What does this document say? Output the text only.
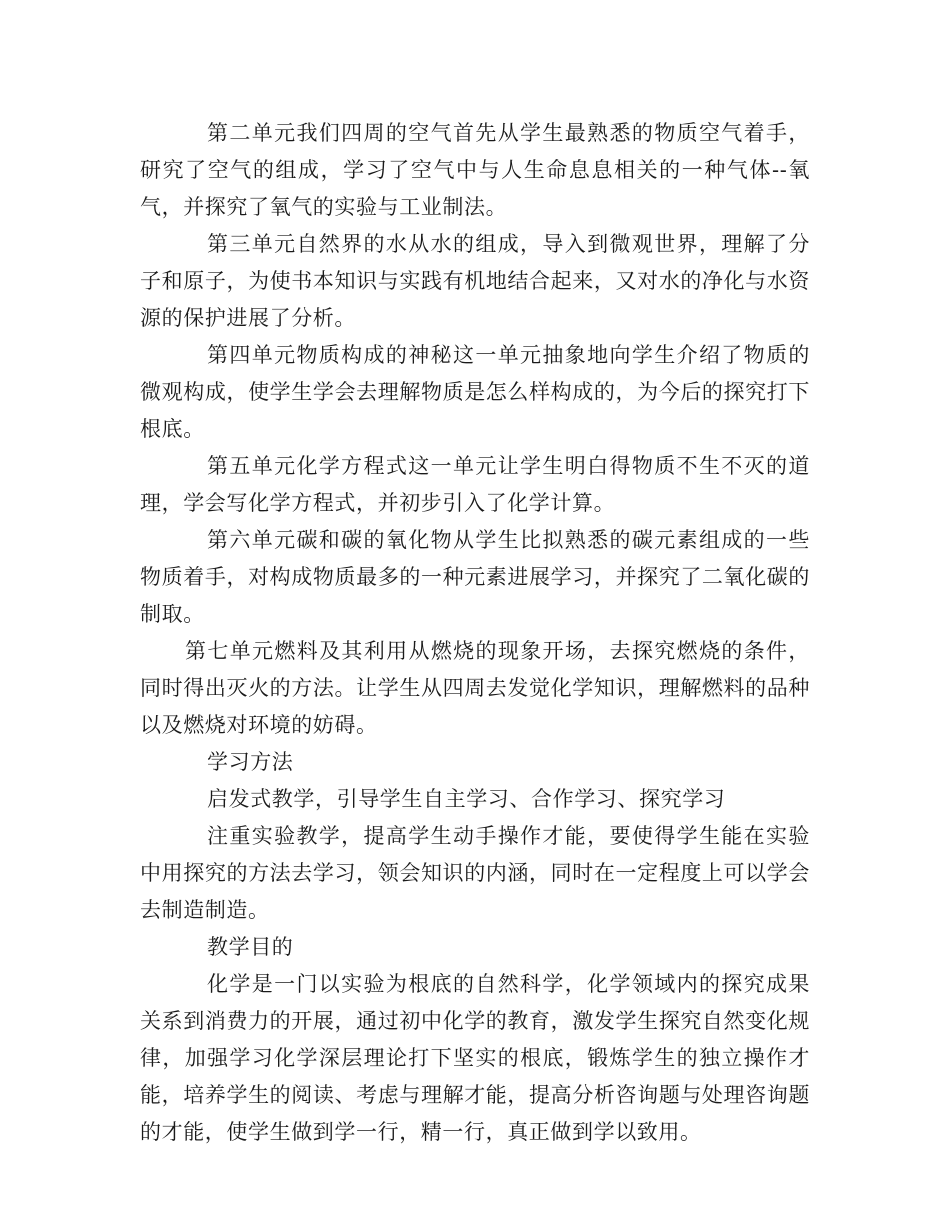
第二单元我们四周的空气首先从学生最熟悉的物质空气着手，研究了空气的组成，学习了空气中与人生命息息相关的一种气体--氧气，并探究了氧气的实验与工业制法。

第三单元自然界的水从水的组成，导入到微观世界，理解了分子和原子，为使书本知识与实践有机地结合起来，又对水的净化与水资源的保护进展了分析。

第四单元物质构成的神秘这一单元抽象地向学生介绍了物质的微观构成，使学生学会去理解物质是怎么样构成的，为今后的探究打下根底。

第五单元化学方程式这一单元让学生明白得物质不生不灭的道理，学会写化学方程式，并初步引入了化学计算。

第六单元碳和碳的氧化物从学生比拟熟悉的碳元素组成的一些物质着手，对构成物质最多的一种元素进展学习，并探究了二氧化碳的制取。

第七单元燃料及其利用从燃烧的现象开场，去探究燃烧的条件，同时得出灭火的方法。让学生从四周去发觉化学知识，理解燃料的品种以及燃烧对环境的妨碍。

学习方法

启发式教学，引导学生自主学习、合作学习、探究学习

注重实验教学，提高学生动手操作才能，要使得学生能在实验中用探究的方法去学习，领会知识的内涵，同时在一定程度上可以学会去制造制造。

教学目的

化学是一门以实验为根底的自然科学，化学领域内的探究成果关系到消费力的开展，通过初中化学的教育，激发学生探究自然变化规律，加强学习化学深层理论打下坚实的根底，锻炼学生的独立操作才能，培养学生的阅读、考虑与理解才能，提高分析咨询题与处理咨询题的才能，使学生做到学一行，精一行，真正做到学以致用。
